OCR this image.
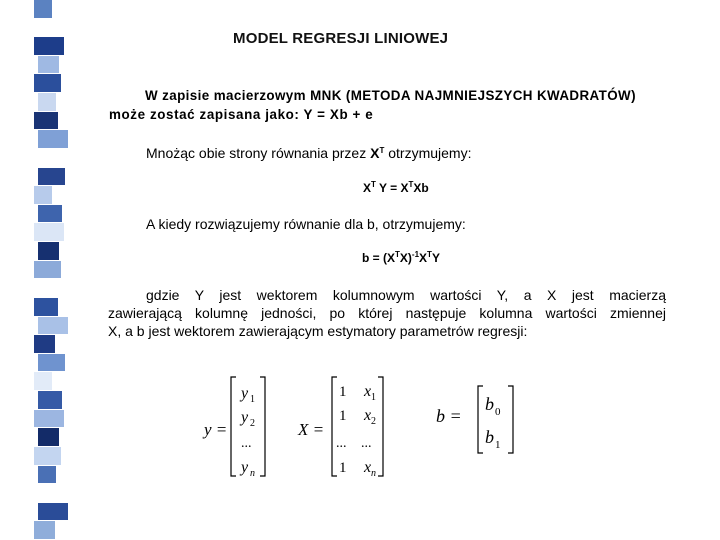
MODEL REGRESJI LINIOWEJ
W zapisie macierzowym MNK (METODA NAJMNIEJSZYCH KWADRATÓW)
może zostać zapisana jako: Y = Xb + e
Mnożąc obie strony równania przez $X^T$ otrzymujemy:
$X^T$ $Y = X^TXb$
A kiedy rozwiązujemy równanie dla b, otrzymujemy:
$b = (X^TX)^{-1}X^TY$
gdzie Y jest wektorem kolumnowym wartości Y, a X jest macierzą
zawierającą kolumnę jedności, po której następuje kolumna wartości zmiennej
X, a b jest wektorem zawierającym estymatory parametrów regresji:
y =
y 1
y 2
...
y n
X =
1
1
...
1
x 1
x 2
...
x n
b =
b 0
b 1
